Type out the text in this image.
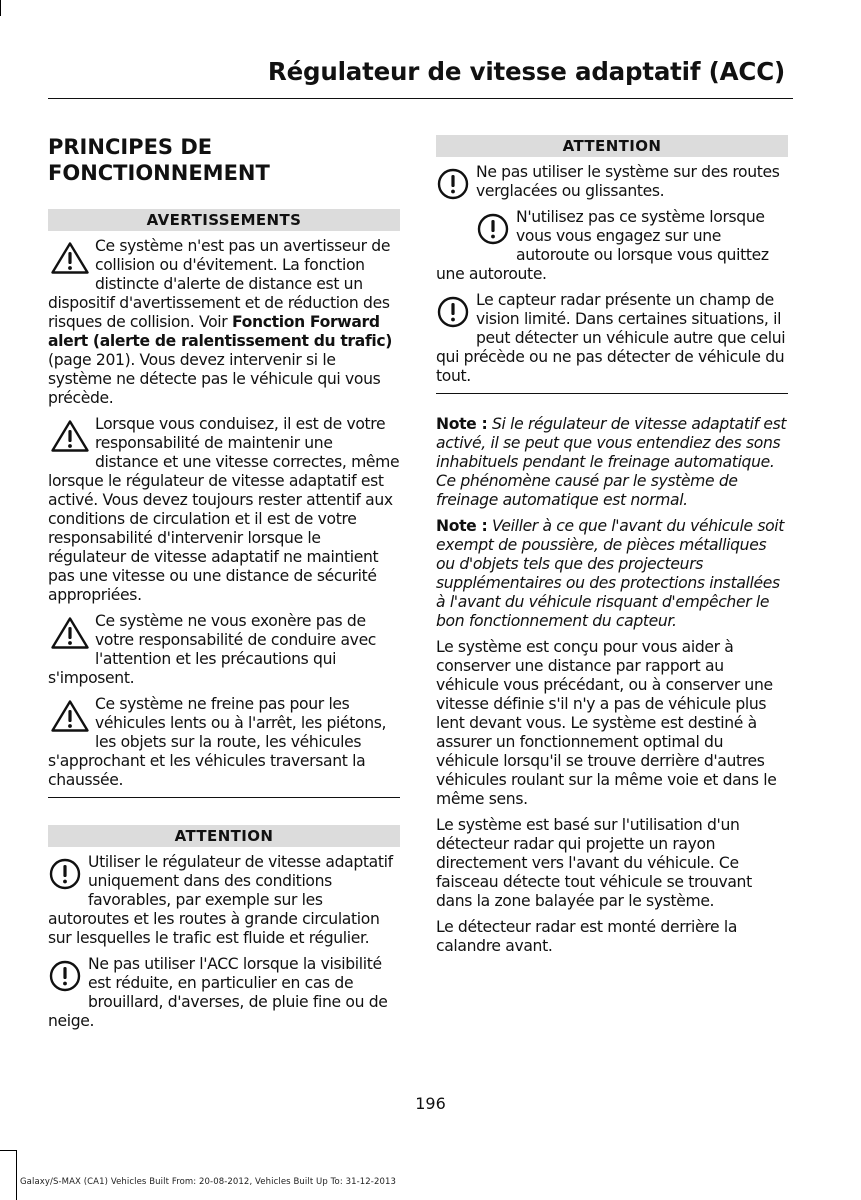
Régulateur de vitesse adaptatif (ACC)
PRINCIPES DE FONCTIONNEMENT
AVERTISSEMENTS
Ce système n'est pas un avertisseur de collision ou d'évitement. La fonction distincte d'alerte de distance est un dispositif d'avertissement et de réduction des risques de collision. Voir Fonction Forward alert (alerte de ralentissement du trafic) (page 201). Vous devez intervenir si le système ne détecte pas le véhicule qui vous précède.
Lorsque vous conduisez, il est de votre responsabilité de maintenir une distance et une vitesse correctes, même lorsque le régulateur de vitesse adaptatif est activé. Vous devez toujours rester attentif aux conditions de circulation et il est de votre responsabilité d'intervenir lorsque le régulateur de vitesse adaptatif ne maintient pas une vitesse ou une distance de sécurité appropriées.
Ce système ne vous exonère pas de votre responsabilité de conduire avec l'attention et les précautions qui s'imposent.
Ce système ne freine pas pour les véhicules lents ou à l'arrêt, les piétons, les objets sur la route, les véhicules s'approchant et les véhicules traversant la chaussée.
ATTENTION
Utiliser le régulateur de vitesse adaptatif uniquement dans des conditions favorables, par exemple sur les autoroutes et les routes à grande circulation sur lesquelles le trafic est fluide et régulier.
Ne pas utiliser l'ACC lorsque la visibilité est réduite, en particulier en cas de brouillard, d'averses, de pluie fine ou de neige.
ATTENTION
Ne pas utiliser le système sur des routes verglacées ou glissantes.
N'utilisez pas ce système lorsque vous vous engagez sur une autoroute ou lorsque vous quittez une autoroute.
Le capteur radar présente un champ de vision limité. Dans certaines situations, il peut détecter un véhicule autre que celui qui précède ou ne pas détecter de véhicule du tout.

Note : Si le régulateur de vitesse adaptatif est activé, il se peut que vous entendiez des sons inhabituels pendant le freinage automatique. Ce phénomène causé par le système de freinage automatique est normal.

Note : Veiller à ce que l'avant du véhicule soit exempt de poussière, de pièces métalliques ou d'objets tels que des projecteurs supplémentaires ou des protections installées à l'avant du véhicule risquant d'empêcher le bon fonctionnement du capteur.

Le système est conçu pour vous aider à conserver une distance par rapport au véhicule vous précédant, ou à conserver une vitesse définie s'il n'y a pas de véhicule plus lent devant vous. Le système est destiné à assurer un fonctionnement optimal du véhicule lorsqu'il se trouve derrière d'autres véhicules roulant sur la même voie et dans le même sens.

Le système est basé sur l'utilisation d'un détecteur radar qui projette un rayon directement vers l'avant du véhicule. Ce faisceau détecte tout véhicule se trouvant dans la zone balayée par le système.

Le détecteur radar est monté derrière la calandre avant.

196
Galaxy/S-MAX (CA1) Vehicles Built From: 20-08-2012, Vehicles Built Up To: 31-12-2013
